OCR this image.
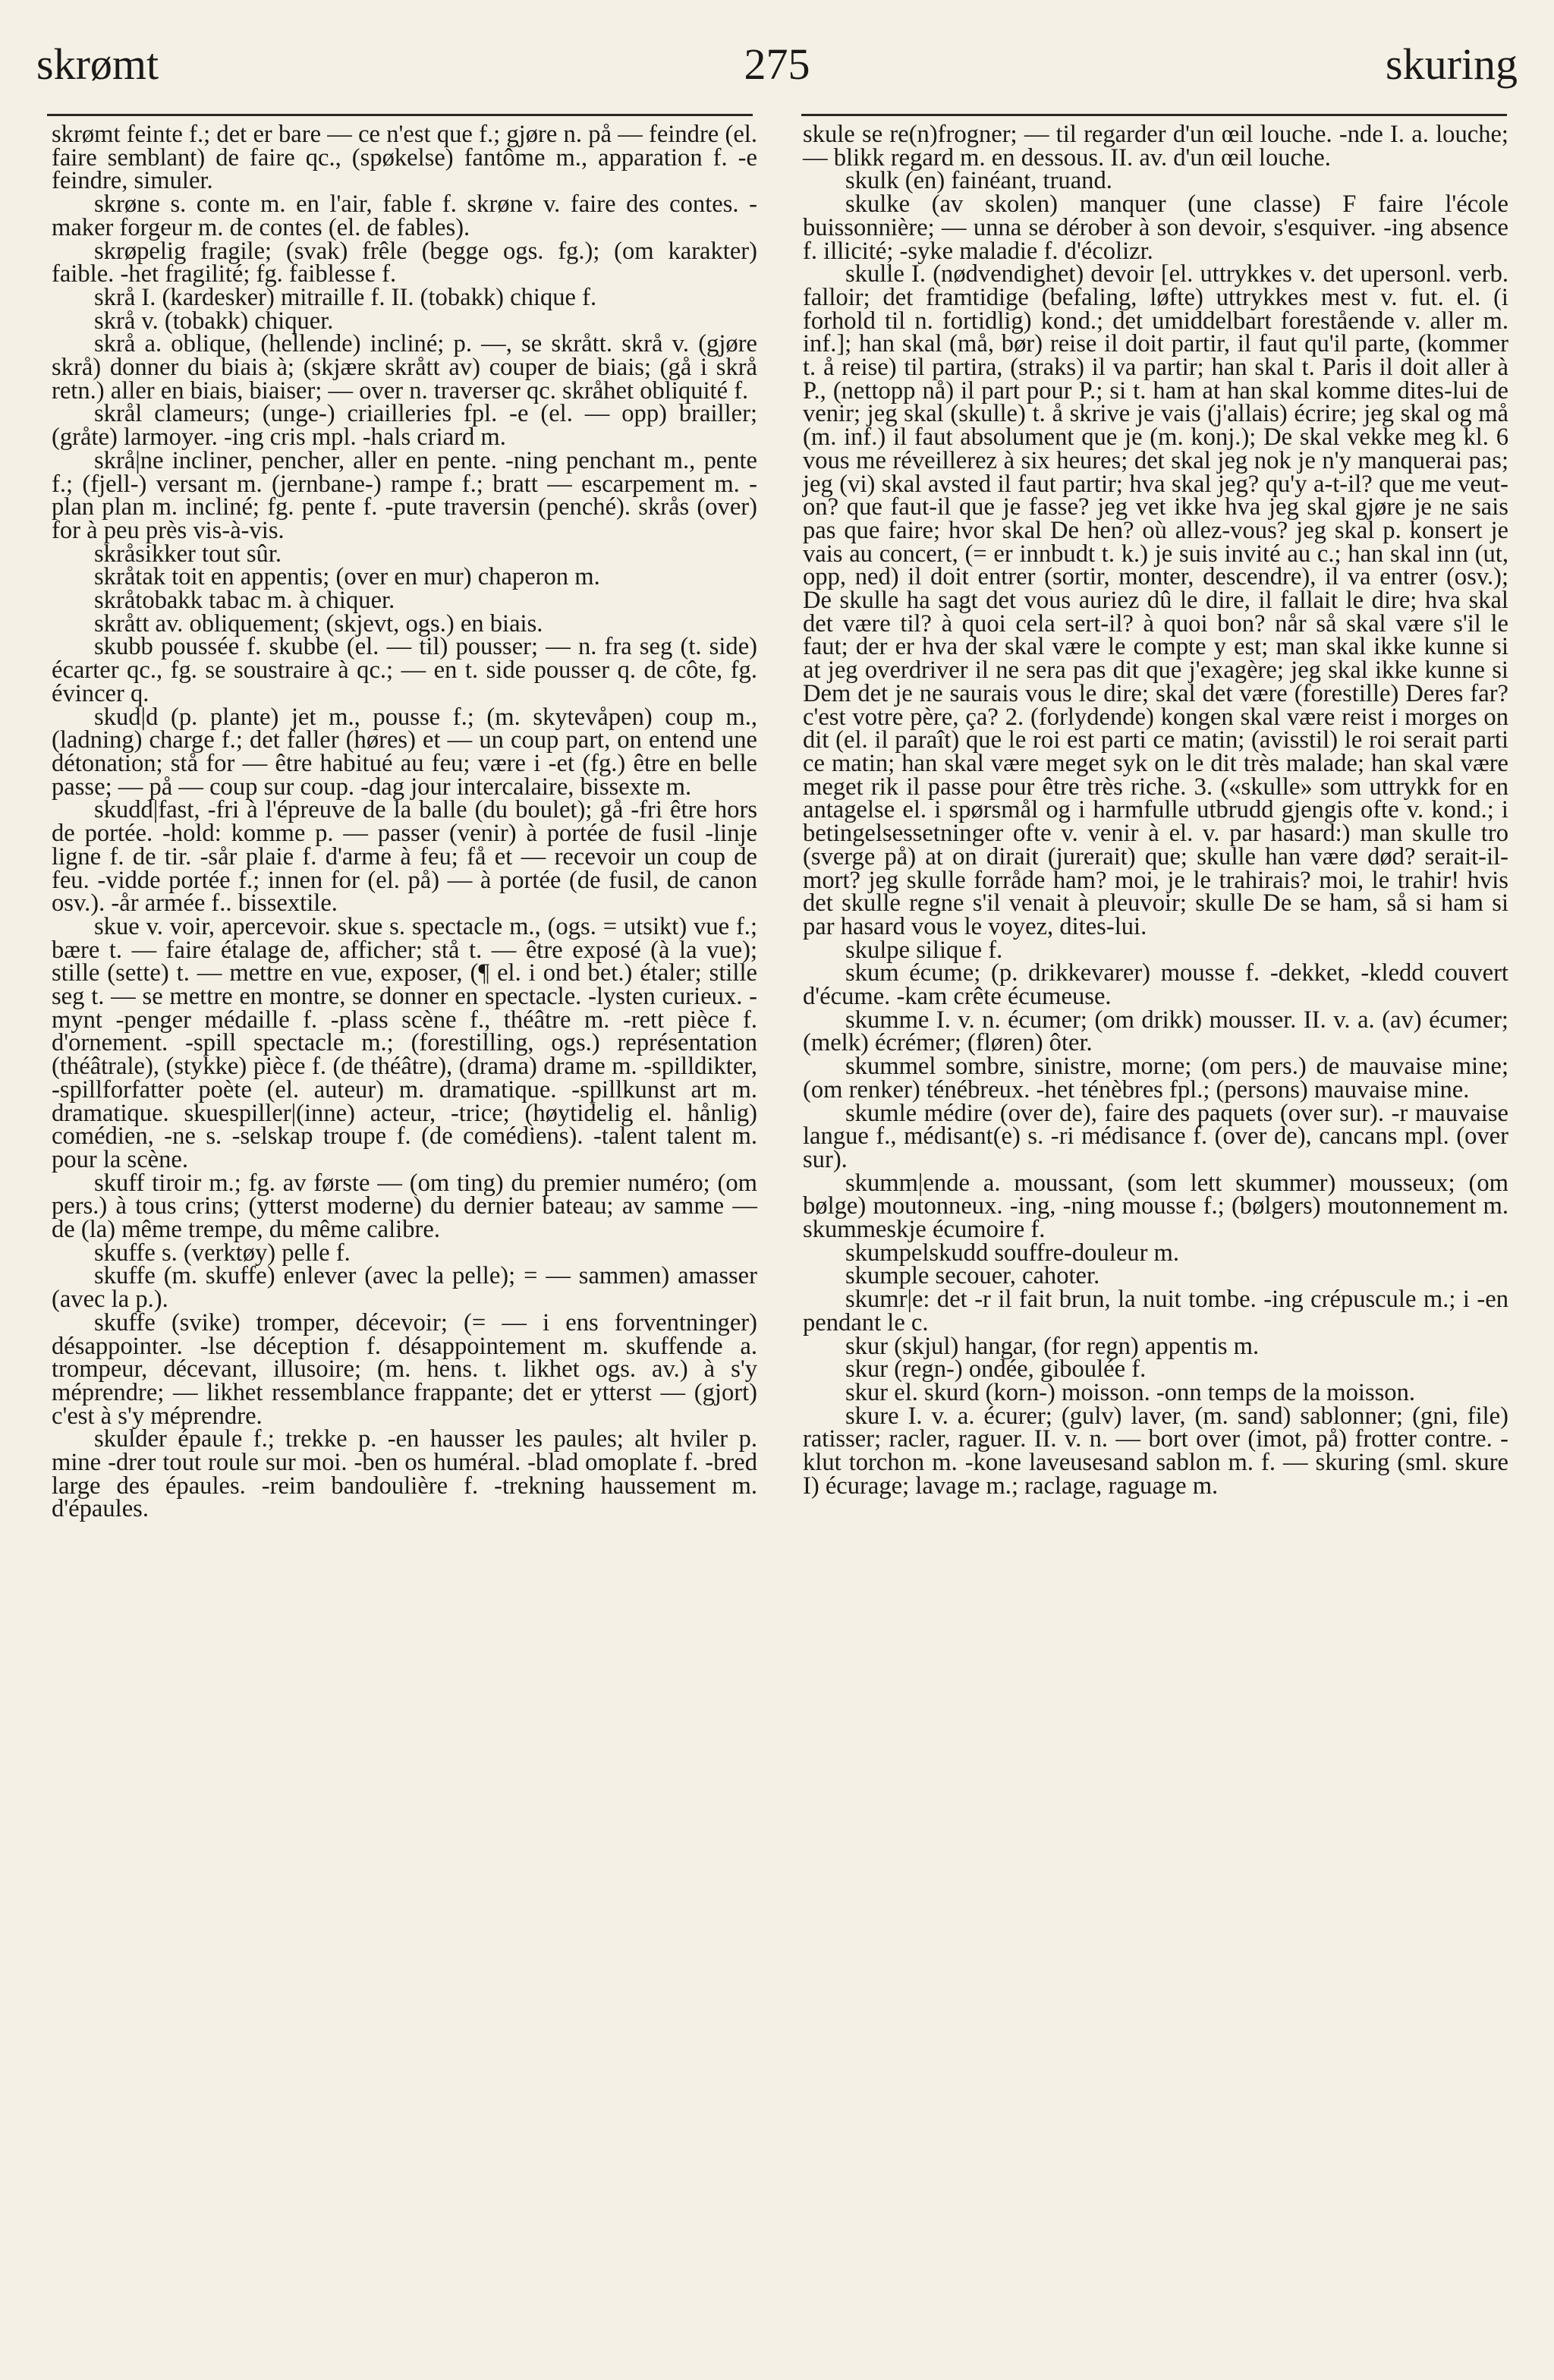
275
skrømt	skuring

skrømt feinte f.; det er bare — ce n'est que f.; gjøre n. på — feindre (el. faire semblant) de faire qc., (spøkelse) fantôme m., apparation f. -e feindre, simuler.

skrøne s. conte m. en l'air, fable f. skrøne v. faire des contes. -maker forgeur m. de contes (el. de fables).

skrøpelig fragile; (svak) frêle (begge ogs. fg.); (om karakter) faible. -het fragilité; fg. faiblesse f.

skrå I. (kardesker) mitraille f. II. (tobakk) chique f.

skrå v. (tobakk) chiquer.

skrå a. oblique, (hellende) incliné; p. —, se skrått. skrå v. (gjøre skrå) donner du biais à; (skjære skrått av) couper de biais; (gå i skrå retn.) aller en biais, biaiser; — over n. traverser qc. skråhet obliquité f.

skrål clameurs; (unge-) criailleries fpl. -e (el. — opp) brailler; (gråte) larmoyer. -ing cris mpl. -hals criard m.

skrå|ne incliner, pencher, aller en pente. -ning penchant m., pente f.; (fjell-) versant m. (jernbane-) rampe f.; bratt — escarpement m. -plan plan m. incliné; fg. pente f. -pute traversin (penché). skrås (over) for à peu près vis-à-vis.

skråsikker tout sûr.

skråtak toit en appentis; (over en mur) chaperon m.

skråtobakk tabac m. à chiquer.

skrått av. obliquement; (skjevt, ogs.) en biais.

skubb poussée f. skubbe (el. — til) pousser; — n. fra seg (t. side) écarter qc., fg. se soustraire à qc.; — en t. side pousser q. de côte, fg. évincer q.

skud|d (p. plante) jet m., pousse f.; (m. skytevåpen) coup m., (ladning) charge f.; det faller (høres) et — un coup part, on entend une détonation; stå for — être habitué au feu; være i -et (fg.) être en belle passe; — på — coup sur coup. -dag jour intercalaire, bissexte m.

skudd|fast, -fri à l'épreuve de la balle (du boulet); gå -fri être hors de portée. -hold: komme p. — passer (venir) à portée de fusil -linje ligne f. de tir. -sår plaie f. d'arme à feu; få et — recevoir un coup de feu. -vidde portée f.; innen for (el. på) — à portée (de fusil, de canon osv.). -år armée f.. bissextile.

skue v. voir, apercevoir. skue s. spectacle m., (ogs. = utsikt) vue f.; bære t. — faire étalage de, afficher; stå t. — être exposé (à la vue); stille (sette) t. — mettre en vue, exposer, (¶ el. i ond bet.) étaler; stille seg t. — se mettre en montre, se donner en spectacle. -lysten curieux. -mynt -penger médaille f. -plass scène f., théâtre m. -rett pièce f. d'ornement. -spill spectacle m.; (forestilling, ogs.) représentation (théâtrale), (stykke) pièce f. (de théâtre), (drama) drame m. -spilldikter, -spillforfatter poète (el. auteur) m. dramatique. -spillkunst art m. dramatique. skuespiller|(inne) acteur, -trice; (høytidelig el. hånlig) comédien, -ne s. -selskap troupe f. (de comédiens). -talent talent m. pour la scène.

skuff tiroir m.; fg. av første — (om ting) du premier numéro; (om pers.) à tous crins; (ytterst moderne) du dernier bateau; av samme — de (la) même trempe, du même calibre.

skuffe s. (verktøy) pelle f.

skuffe (m. skuffe) enlever (avec la pelle); = — sammen) amasser (avec la p.).

skuffe (svike) tromper, décevoir; (= — i ens forventninger) désappointer. -lse déception f. désappointement m. skuffende a. trompeur, décevant, illusoire; (m. hens. t. likhet ogs. av.) à s'y méprendre; — likhet ressemblance frappante; det er ytterst — (gjort) c'est à s'y méprendre.

skulder épaule f.; trekke p. -en hausser les paules; alt hviler p. mine -drer tout roule sur moi. -ben os huméral. -blad omoplate f. -bred large des épaules. -reim bandoulière f. -trekning haussement m. d'épaules.

skule se re(n)frogner; — til regarder d'un œil louche. -nde I. a. louche; — blikk regard m. en dessous. II. av. d'un œil louche.

skulk (en) fainéant, truand.

skulke (av skolen) manquer (une classe) F faire l'école buissonnière; — unna se dérober à son devoir, s'esquiver. -ing absence f. illicité; -syke maladie f. d'écolizr.

skulle I. (nødvendighet) devoir [el. uttrykkes v. det upersonl. verb. falloir; det framtidige (befaling, løfte) uttrykkes mest v. fut. el. (i forhold til n. fortidlig) kond.; det umiddelbart forestående v. aller m. inf.]; han skal (må, bør) reise il doit partir, il faut qu'il parte, (kommer t. å reise) til partira, (straks) il va partir; han skal t. Paris il doit aller à P., (nettopp nå) il part pour P.; si t. ham at han skal komme dites-lui de venir; jeg skal (skulle) t. å skrive je vais (j'allais) écrire; jeg skal og må (m. inf.) il faut absolument que je (m. konj.); De skal vekke meg kl. 6 vous me réveillerez à six heures; det skal jeg nok je n'y manquerai pas; jeg (vi) skal avsted il faut partir; hva skal jeg? qu'y a-t-il? que me veut-on? que faut-il que je fasse? jeg vet ikke hva jeg skal gjøre je ne sais pas que faire; hvor skal De hen? où allez-vous? jeg skal p. konsert je vais au concert, (= er innbudt t. k.) je suis invité au c.; han skal inn (ut, opp, ned) il doit entrer (sortir, monter, descendre), il va entrer (osv.); De skulle ha sagt det vous auriez dû le dire, il fallait le dire; hva skal det være til? à quoi cela sert-il? à quoi bon? når så skal være s'il le faut; der er hva der skal være le compte y est; man skal ikke kunne si at jeg overdriver il ne sera pas dit que j'exagère; jeg skal ikke kunne si Dem det je ne saurais vous le dire; skal det være (forestille) Deres far? c'est votre père, ça? 2. (forlydende) kongen skal være reist i morges on dit (el. il paraît) que le roi est parti ce matin; (avisstil) le roi serait parti ce matin; han skal være meget syk on le dit très malade; han skal være meget rik il passe pour être très riche. 3. («skulle» som uttrykk for en antagelse el. i spørsmål og i harmfulle utbrudd gjengis ofte v. kond.; i betingelsessetninger ofte v. venir à el. v. par hasard:) man skulle tro (sverge på) at on dirait (jurerait) que; skulle han være død? serait-il-mort? jeg skulle forråde ham? moi, je le trahirais? moi, le trahir! hvis det skulle regne s'il venait à pleuvoir; skulle De se ham, så si ham si par hasard vous le voyez, dites-lui.

skulpe silique f.

skum écume; (p. drikkevarer) mousse f. -dekket, -kledd couvert d'écume. -kam crête écumeuse.

skumme I. v. n. écumer; (om drikk) mousser. II. v. a. (av) écumer; (melk) écrémer; (fløren) ôter.

skummel sombre, sinistre, morne; (om pers.) de mauvaise mine; (om renker) ténébreux. -het ténèbres fpl.; (persons) mauvaise mine.

skumle médire (over de), faire des paquets (over sur). -r mauvaise langue f., médisant(e) s. -ri médisance f. (over de), cancans mpl. (over sur).

skumm|ende a. moussant, (som lett skummer) mousseux; (om bølge) moutonneux. -ing, -ning mousse f.; (bølgers) moutonnement m. skummeskje écumoire f.

skumpelskudd souffre-douleur m.

skumple secouer, cahoter.

skumr|e: det -r il fait brun, la nuit tombe. -ing crépuscule m.; i -en pendant le c.

skur (skjul) hangar, (for regn) appentis m.

skur (regn-) ondée, giboulée f.

skur el. skurd (korn-) moisson. -onn temps de la moisson.

skure I. v. a. écurer; (gulv) laver, (m. sand) sablonner; (gni, file) ratisser; racler, raguer. II. v. n. — bort over (imot, på) frotter contre. -klut torchon m. -kone laveusesand sablon m. f. — skuring (sml. skure I) écurage; lavage m.; raclage, raguage m.
